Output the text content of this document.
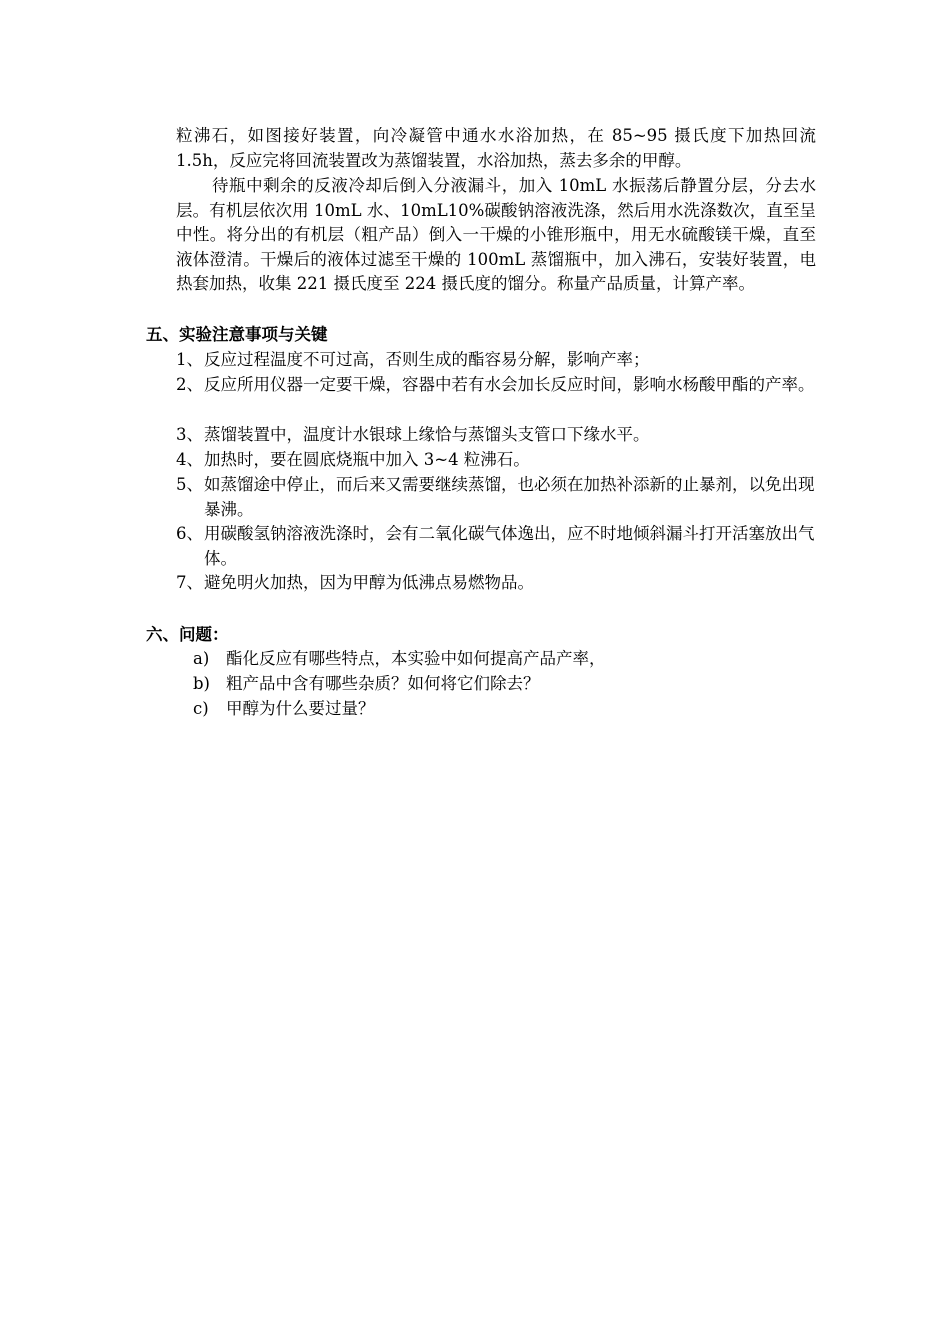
粒沸石，如图接好装置，向冷凝管中通水水浴加热，在 85~95 摄氏度下加热回流 1.5h，反应完将回流装置改为蒸馏装置，水浴加热，蒸去多余的甲醇。

待瓶中剩余的反液冷却后倒入分液漏斗，加入 10mL 水振荡后静置分层，分去水层。有机层依次用 10mL 水、10mL10%碳酸钠溶液洗涤，然后用水洗涤数次，直至呈中性。将分出的有机层（粗产品）倒入一干燥的小锥形瓶中，用无水硫酸镁干燥，直至液体澄清。干燥后的液体过滤至干燥的 100mL 蒸馏瓶中，加入沸石，安装好装置，电热套加热，收集 221 摄氏度至 224 摄氏度的馏分。称量产品质量，计算产率。

五、实验注意事项与关键
1、 反应过程温度不可过高，否则生成的酯容易分解，影响产率；
2、 反应所用仪器一定要干燥，容器中若有水会加长反应时间，影响水杨酸甲酯的产率。
3、 蒸馏装置中，温度计水银球上缘恰与蒸馏头支管口下缘水平。
4、 加热时，要在圆底烧瓶中加入 3~4 粒沸石。
5、 如蒸馏途中停止，而后来又需要继续蒸馏，也必须在加热补添新的止暴剂，以免出现暴沸。
6、 用碳酸氢钠溶液洗涤时，会有二氧化碳气体逸出，应不时地倾斜漏斗打开活塞放出气体。
7、 避免明火加热，因为甲醇为低沸点易燃物品。
六、问题：
a) 酯化反应有哪些特点，本实验中如何提高产品产率，
b) 粗产品中含有哪些杂质？如何将它们除去？
c) 甲醇为什么要过量？
